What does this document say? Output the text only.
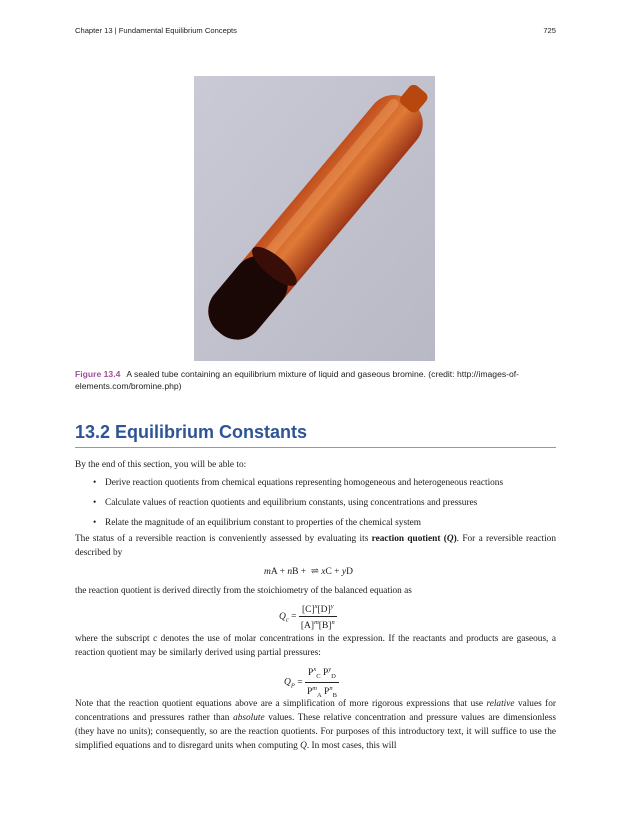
Chapter 13 | Fundamental Equilibrium Concepts	725
Figure 13.4 A sealed tube containing an equilibrium mixture of liquid and gaseous bromine. (credit: http://images-of-elements.com/bromine.php)
13.2 Equilibrium Constants
By the end of this section, you will be able to:
• Derive reaction quotients from chemical equations representing homogeneous and heterogeneous reactions
• Calculate values of reaction quotients and equilibrium constants, using concentrations and pressures
• Relate the magnitude of an equilibrium constant to properties of the chemical system
The status of a reversible reaction is conveniently assessed by evaluating its reaction quotient (Q). For a reversible reaction described by
mA + nB +  ⇌ xC + yD
the reaction quotient is derived directly from the stoichiometry of the balanced equation as
$Q_c = \frac{[C]^x[D]^y}{[A]^m[B]^n}$
where the subscript c denotes the use of molar concentrations in the expression. If the reactants and products are gaseous, a reaction quotient may be similarly derived using partial pressures:
$Q_P = \frac{P^x_C P^y_D}{P^m_A P^n_B}$
Note that the reaction quotient equations above are a simplification of more rigorous expressions that use relative values for concentrations and pressures rather than absolute values. These relative concentration and pressure values are dimensionless (they have no units); consequently, so are the reaction quotients. For purposes of this introductory text, it will suffice to use the simplified equations and to disregard units when computing Q. In most cases, this will
